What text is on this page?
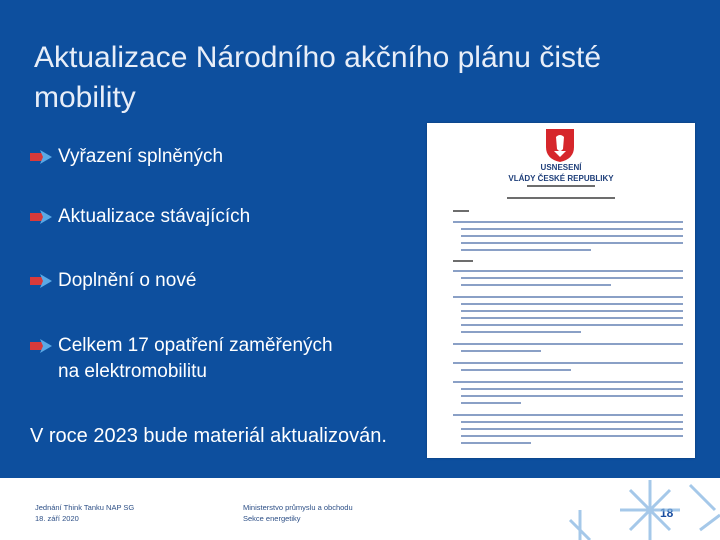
Aktualizace Národního akčního plánu čisté
mobility
Vyřazení splněných
Aktualizace stávajících
Doplnění o nové
Celkem 17 opatření zaměřených
na elektromobilitu
V roce 2023 bude materiál aktualizován.
USNESENÍ
VLÁDY ČESKÉ REPUBLIKY
Jednání Think Tanku NAP SG
18. září 2020
Ministerstvo průmyslu a obchodu
Sekce energetiky	18
